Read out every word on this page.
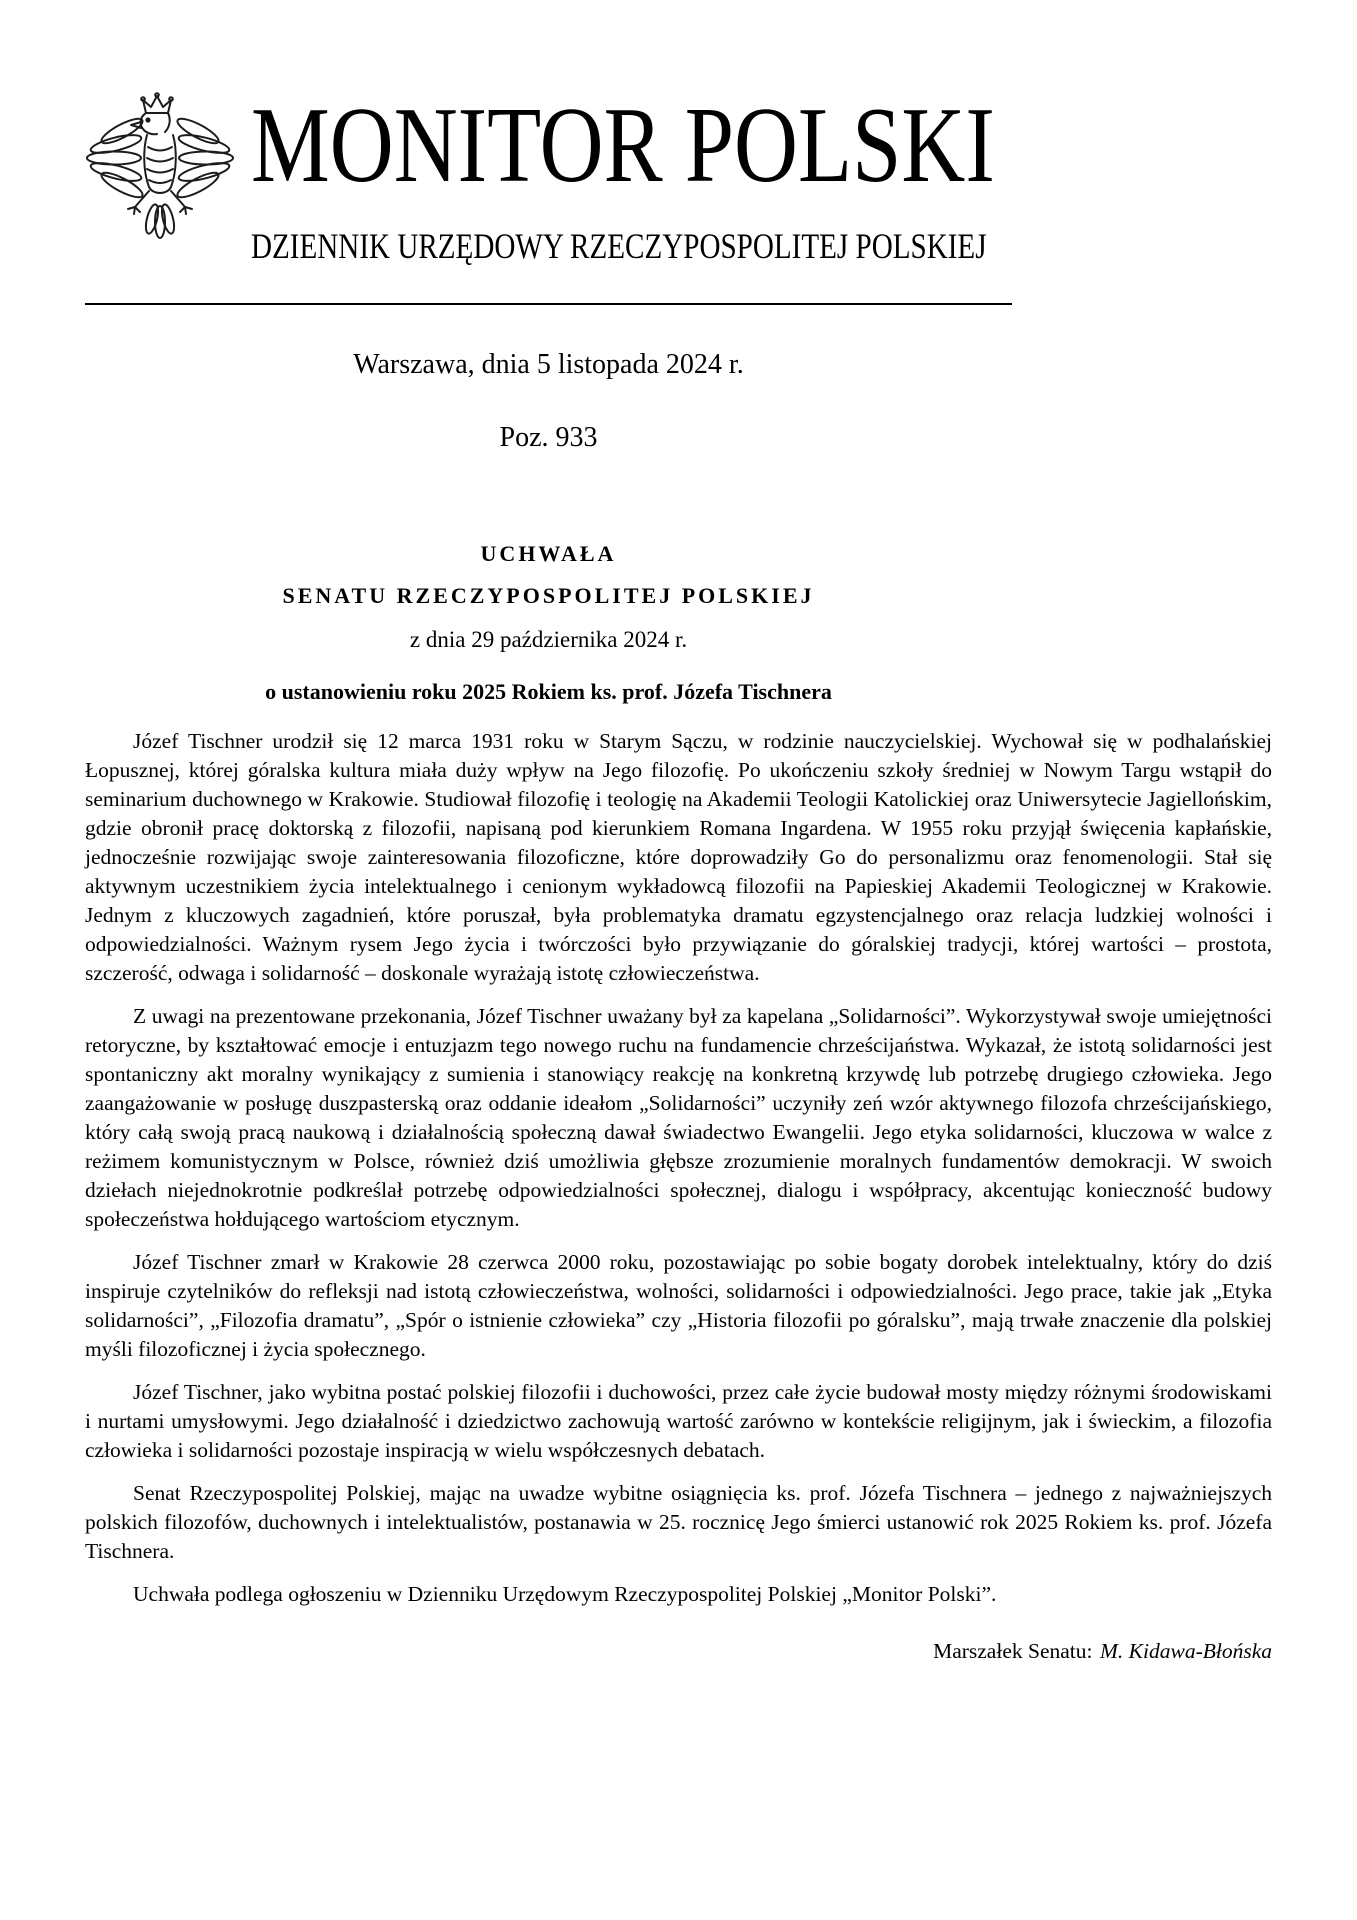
MONITOR POLSKI
DZIENNIK URZĘDOWY RZECZYPOSPOLITEJ POLSKIEJ
Warszawa, dnia 5 listopada 2024 r.
Poz. 933
UCHWAŁA
SENATU RZECZYPOSPOLITEJ POLSKIEJ
z dnia 29 października 2024 r.
o ustanowieniu roku 2025 Rokiem ks. prof. Józefa Tischnera

Józef Tischner urodził się 12 marca 1931 roku w Starym Sączu, w rodzinie nauczycielskiej. Wychował się w podhalańskiej Łopusznej, której góralska kultura miała duży wpływ na Jego filozofię. Po ukończeniu szkoły średniej w Nowym Targu wstąpił do seminarium duchownego w Krakowie. Studiował filozofię i teologię na Akademii Teologii Katolickiej oraz Uniwersytecie Jagiellońskim, gdzie obronił pracę doktorską z filozofii, napisaną pod kierunkiem Romana Ingardena. W 1955 roku przyjął święcenia kapłańskie, jednocześnie rozwijając swoje zainteresowania filozoficzne, które doprowadziły Go do personalizmu oraz fenomenologii. Stał się aktywnym uczestnikiem życia intelektualnego i cenionym wykładowcą filozofii na Papieskiej Akademii Teologicznej w Krakowie. Jednym z kluczowych zagadnień, które poruszał, była problematyka dramatu egzystencjalnego oraz relacja ludzkiej wolności i odpowiedzialności. Ważnym rysem Jego życia i twórczości było przywiązanie do góralskiej tradycji, której wartości – prostota, szczerość, odwaga i solidarność – doskonale wyrażają istotę człowieczeństwa.

Z uwagi na prezentowane przekonania, Józef Tischner uważany był za kapelana „Solidarności”. Wykorzystywał swoje umiejętności retoryczne, by kształtować emocje i entuzjazm tego nowego ruchu na fundamencie chrześcijaństwa. Wykazał, że istotą solidarności jest spontaniczny akt moralny wynikający z sumienia i stanowiący reakcję na konkretną krzywdę lub potrzebę drugiego człowieka. Jego zaangażowanie w posługę duszpasterską oraz oddanie ideałom „Solidarności” uczyniły zeń wzór aktywnego filozofa chrześcijańskiego, który całą swoją pracą naukową i działalnością społeczną dawał świadectwo Ewangelii. Jego etyka solidarności, kluczowa w walce z reżimem komunistycznym w Polsce, również dziś umożliwia głębsze zrozumienie moralnych fundamentów demokracji. W swoich dziełach niejednokrotnie podkreślał potrzebę odpowiedzialności społecznej, dialogu i współpracy, akcentując konieczność budowy społeczeństwa hołdującego wartościom etycznym.

Józef Tischner zmarł w Krakowie 28 czerwca 2000 roku, pozostawiając po sobie bogaty dorobek intelektualny, który do dziś inspiruje czytelników do refleksji nad istotą człowieczeństwa, wolności, solidarności i odpowiedzialności. Jego prace, takie jak „Etyka solidarności”, „Filozofia dramatu”, „Spór o istnienie człowieka” czy „Historia filozofii po góralsku”, mają trwałe znaczenie dla polskiej myśli filozoficznej i życia społecznego.

Józef Tischner, jako wybitna postać polskiej filozofii i duchowości, przez całe życie budował mosty między różnymi środowiskami i nurtami umysłowymi. Jego działalność i dziedzictwo zachowują wartość zarówno w kontekście religijnym, jak i świeckim, a filozofia człowieka i solidarności pozostaje inspiracją w wielu współczesnych debatach.

Senat Rzeczypospolitej Polskiej, mając na uwadze wybitne osiągnięcia ks. prof. Józefa Tischnera – jednego z najważniejszych polskich filozofów, duchownych i intelektualistów, postanawia w 25. rocznicę Jego śmierci ustanowić rok 2025 Rokiem ks. prof. Józefa Tischnera.

Uchwała podlega ogłoszeniu w Dzienniku Urzędowym Rzeczypospolitej Polskiej „Monitor Polski”.

Marszałek Senatu: M. Kidawa-Błońska
